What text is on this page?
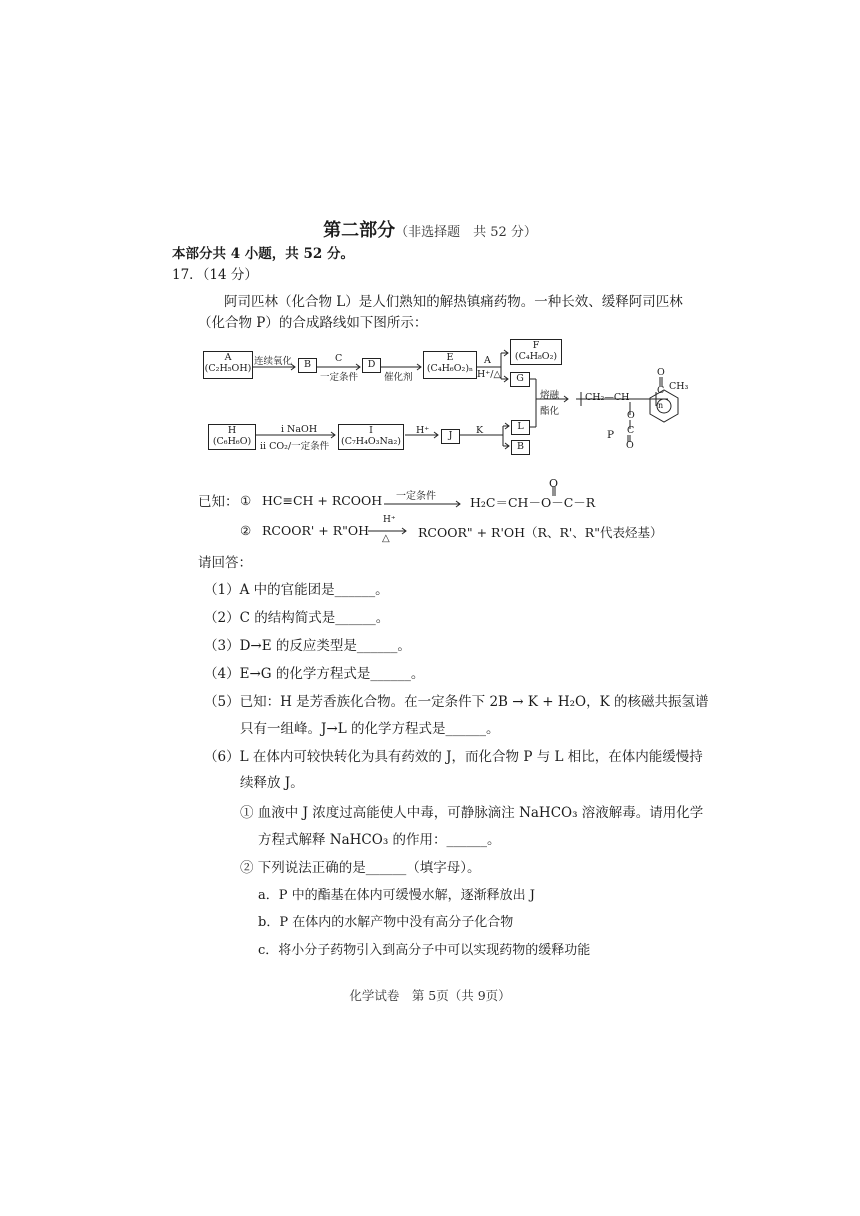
第二部分（非选择题　共 52 分）
本部分共 4 小题，共 52 分。
17．（14 分）
阿司匹林（化合物 L）是人们熟知的解热镇痛药物。一种长效、缓释阿司匹林
（化合物 P）的合成路线如下图所示：
A
(C₂H₅OH)
连续氧化	B
C
一定条件
D
催化剂
E
(C₄H₆O₂)ₙ
A
H⁺/△
F
(C₄H₈O₂)
G
熔融
酯化
CH₂—CH
n
O
C
O
O
C CH₃
P
H
(C₆H₆O)
i NaOH
ii CO₂/一定条件
I
(C₇H₄O₃Na₂)
H⁺	J	K	L
B
已知： ① HC≡CH + RCOOH 一定条件	H₂C＝CH－O－C－R
O
② RCOOR' + R"OH
H⁺
△ RCOOR" + R'OH（R、R'、R"代表烃基）
请回答：
（1）A 中的官能团是______。
（2）C 的结构简式是______。
（3）D→E 的反应类型是______。
（4）E→G 的化学方程式是______。
（5）已知：H 是芳香族化合物。在一定条件下 2B → K + H₂O，K 的核磁共振氢谱
只有一组峰。J→L 的化学方程式是______。
（6）L 在体内可较快转化为具有药效的 J，而化合物 P 与 L 相比，在体内能缓慢持
续释放 J。
① 血液中 J 浓度过高能使人中毒，可静脉滴注 NaHCO₃ 溶液解毒。请用化学
方程式解释 NaHCO₃ 的作用：______。
② 下列说法正确的是______（填字母）。
a．P 中的酯基在体内可缓慢水解，逐渐释放出 J
b．P 在体内的水解产物中没有高分子化合物
c．将小分子药物引入到高分子中可以实现药物的缓释功能
化学试卷　第 5页（共 9页）
